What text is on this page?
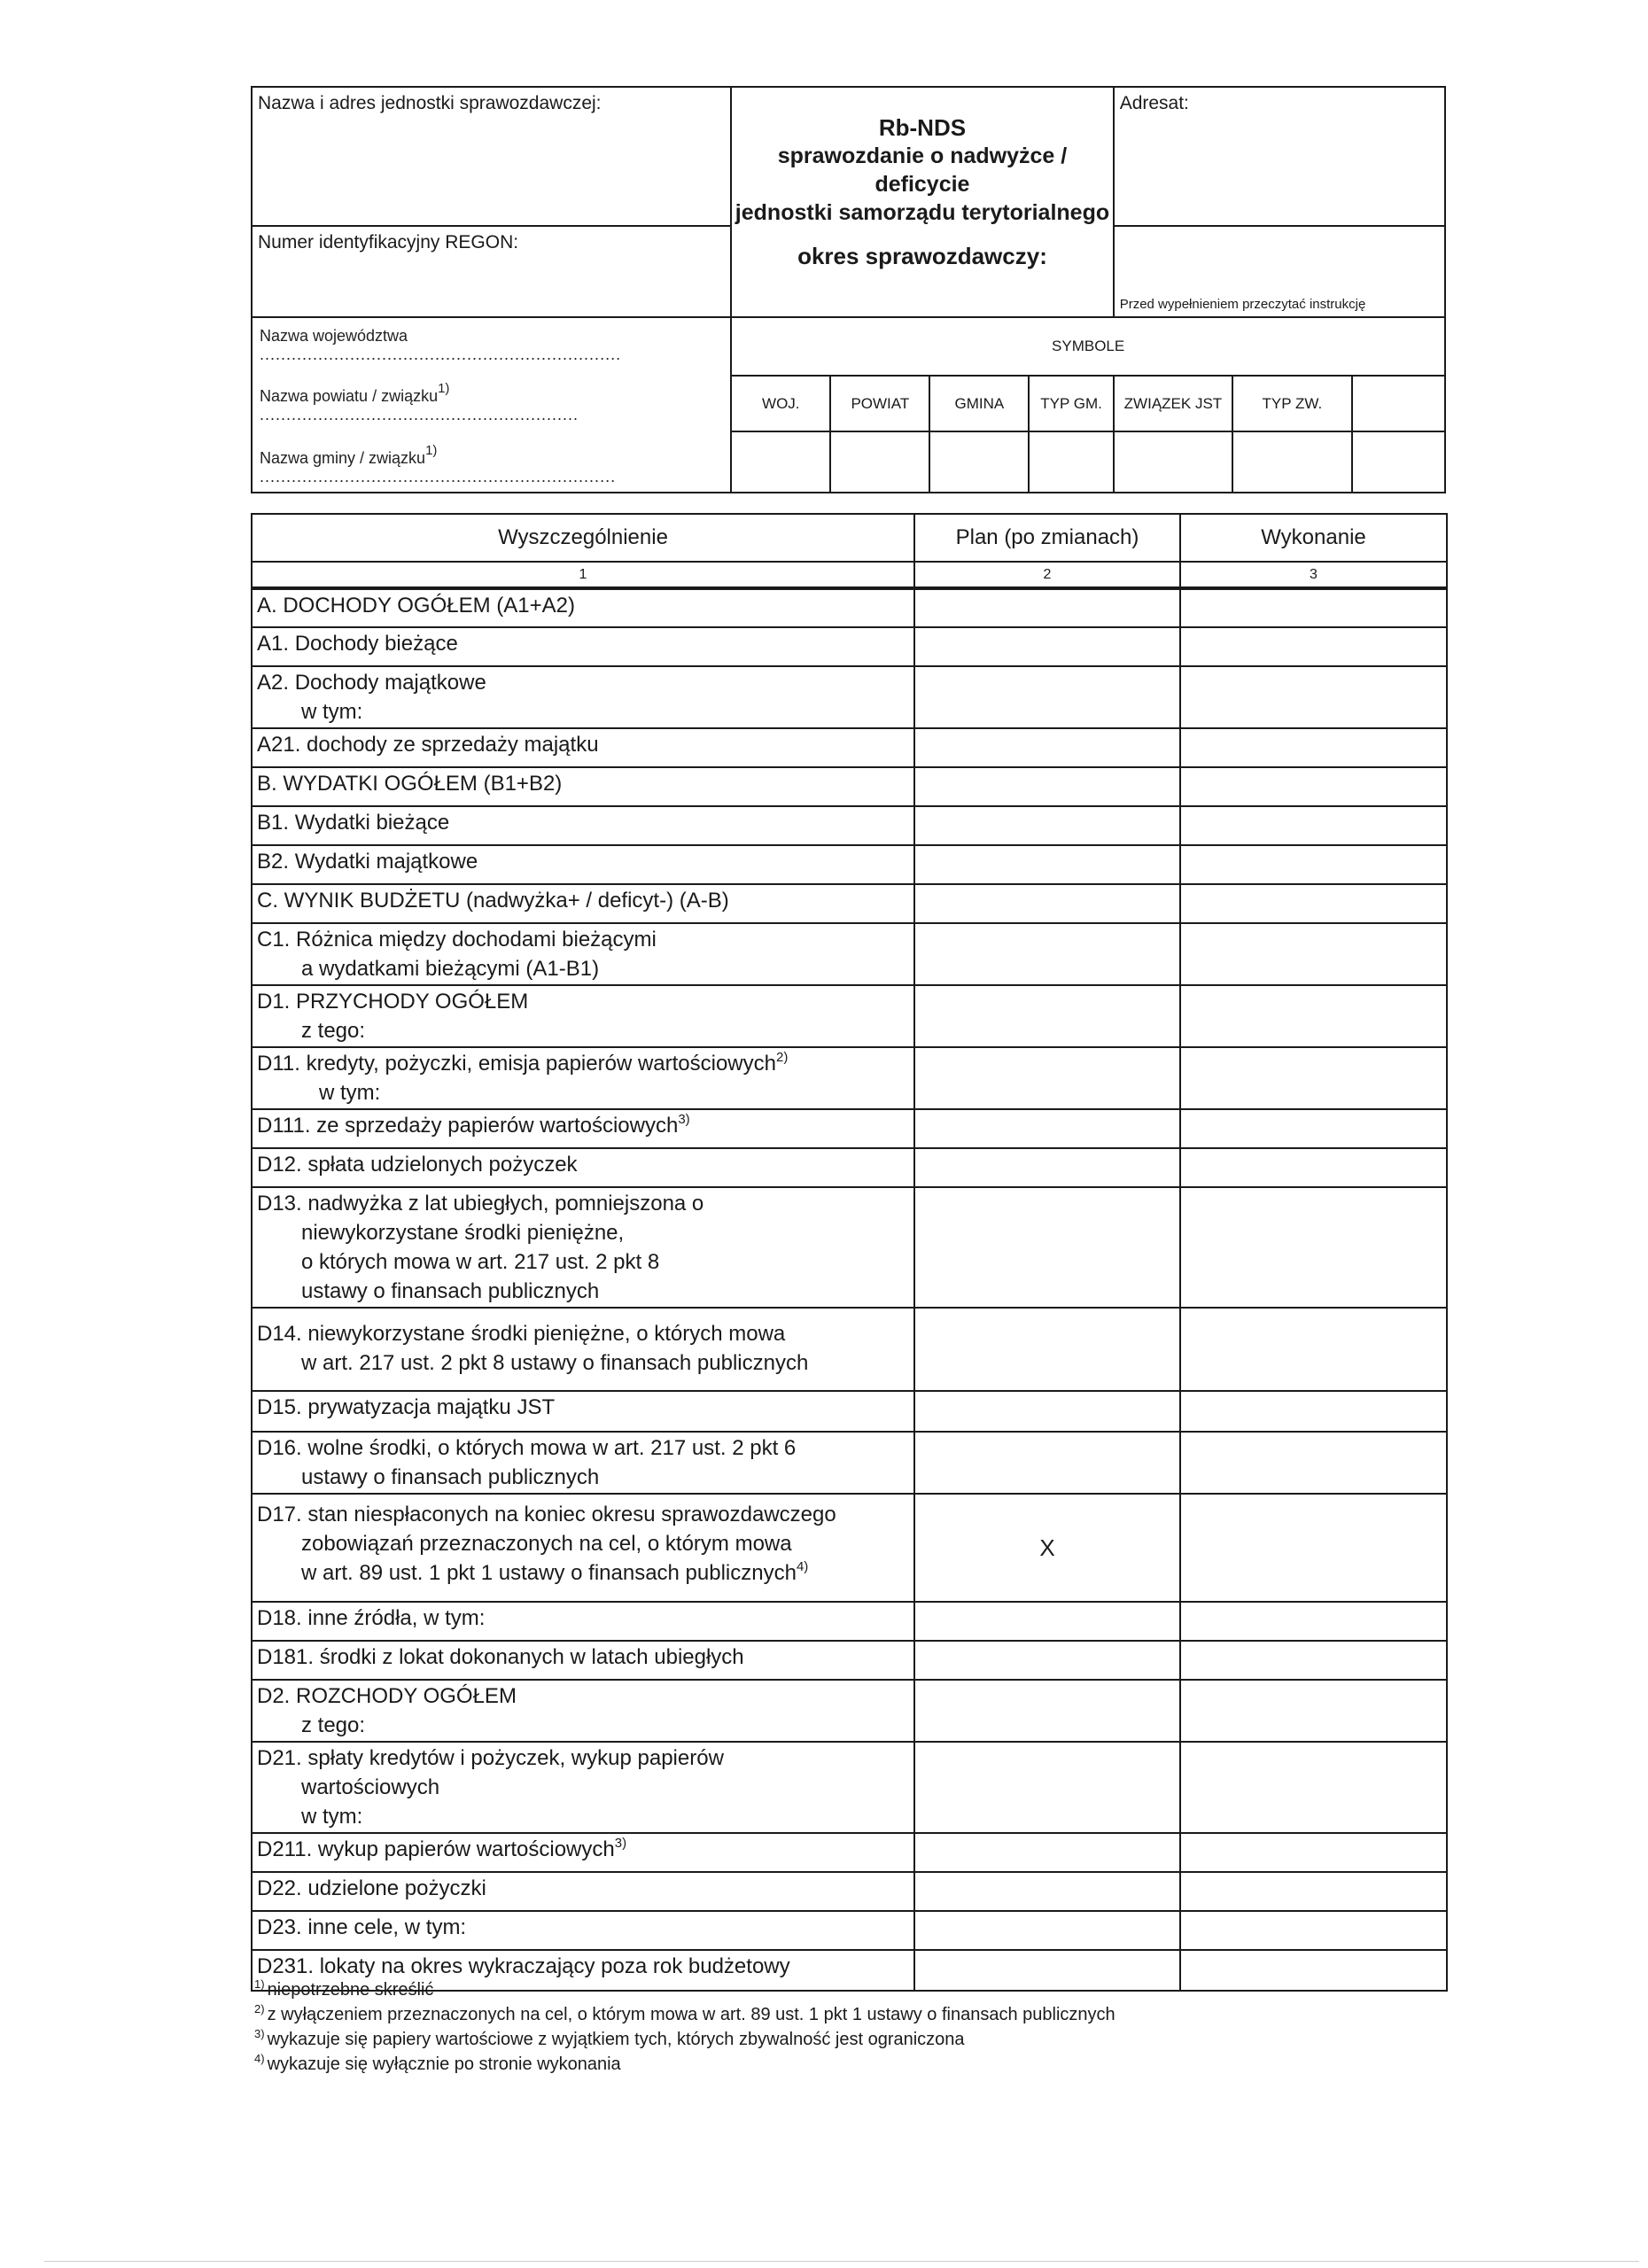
Nazwa i adres jednostki sprawozdawczej:	Rb-NDS
sprawozdanie o nadwyżce / deficycie
jednostki samorządu terytorialnego
okres sprawozdawczy:				Adresat:		

Numer identyfikacyjny REGON:					Przed wypełnieniem przeczytać instrukcję		

Nazwa województwa ....................................................................
Nazwa powiatu / związku$^{1)}$ ............................................................
Nazwa gminy / związku$^{1)}$ ...................................................................	SYMBOLE						
	WOJ.	POWIAT	GMINA	TYP GM.	ZWIĄZEK JST	TYP ZW.	

Wyszczególnienie	Plan (po zmianach)	Wykonanie
1	2	3
A. DOCHODY OGÓŁEM (A1+A2)		
A1. Dochody bieżące		

A2. Dochody majątkowe
w tym:		

A21. dochody ze sprzedaży majątku		
B. WYDATKI OGÓŁEM (B1+B2)		
B1. Wydatki bieżące		
B2. Wydatki majątkowe		
C. WYNIK BUDŻETU (nadwyżka+ / deficyt-) (A-B)		

C1. Różnica między dochodami bieżącymi
a wydatkami bieżącymi (A1-B1)		

D1. PRZYCHODY OGÓŁEM
z tego:		

D11. kredyty, pożyczki, emisja papierów wartościowych$^{2)}$
w tym:		

D111. ze sprzedaży papierów wartościowych$^{3)}$		
D12. spłata udzielonych pożyczek		

D13. nadwyżka z lat ubiegłych, pomniejszona o
niewykorzystane środki pieniężne,
o których mowa w art. 217 ust. 2 pkt 8
ustawy o finansach publicznych		

D14. niewykorzystane środki pieniężne, o których mowa
w art. 217 ust. 2 pkt 8 ustawy o finansach publicznych		

D15. prywatyzacja majątku JST		

D16. wolne środki, o których mowa w art. 217 ust. 2 pkt 6
ustawy o finansach publicznych		

D17. stan niespłaconych na koniec okresu sprawozdawczego
zobowiązań przeznaczonych na cel, o którym mowa
w art. 89 ust. 1 pkt 1 ustawy o finansach publicznych$^{4)}$	X	
D18. inne źródła, w tym:		
D181. środki z lokat dokonanych w latach ubiegłych		

D2. ROZCHODY OGÓŁEM
z tego:		

D21. spłaty kredytów i pożyczek, wykup papierów
wartościowych
w tym:		

D211. wykup papierów wartościowych$^{3)}$		
D22. udzielone pożyczki		
D23. inne cele, w tym:		
D231. lokaty na okres wykraczający poza rok budżetowy		
$^{1)}$ niepotrzebne skreślić
$^{2)}$ z wyłączeniem przeznaczonych na cel, o którym mowa w art. 89 ust. 1 pkt 1 ustawy o finansach publicznych
$^{3)}$ wykazuje się papiery wartościowe z wyjątkiem tych, których zbywalność jest ograniczona
$^{4)}$ wykazuje się wyłącznie po stronie wykonania
